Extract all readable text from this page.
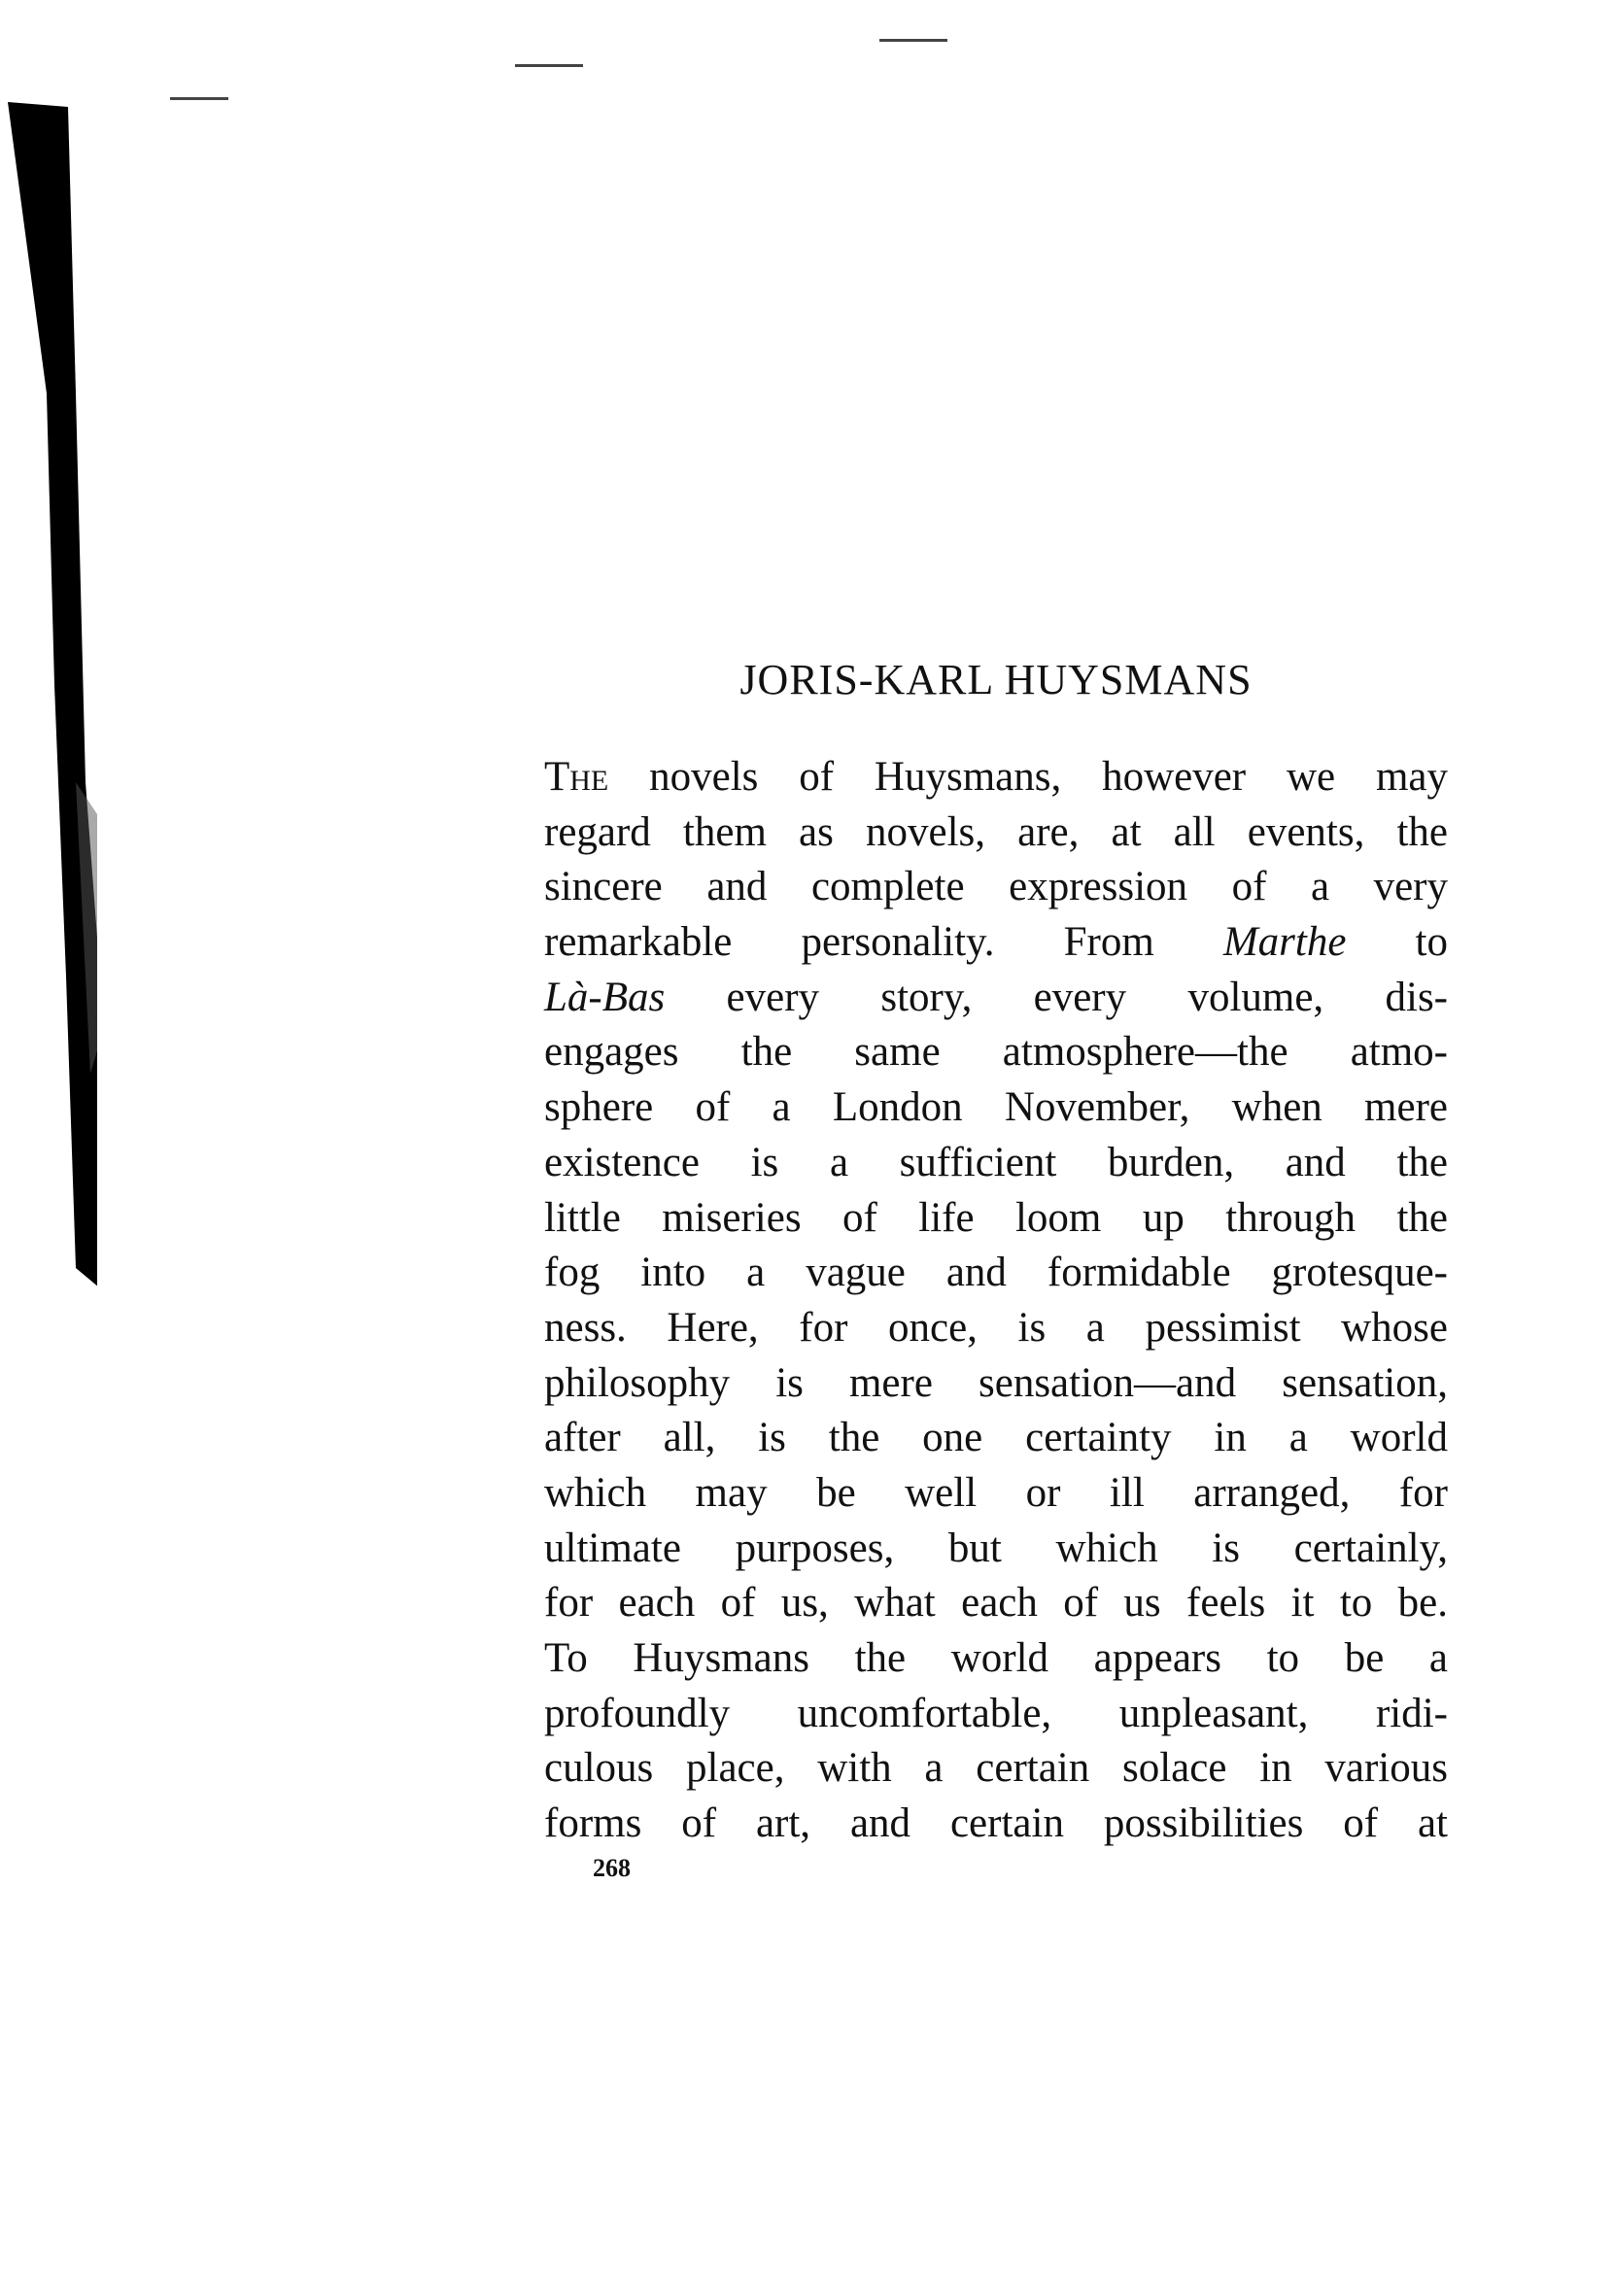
JORIS-KARL HUYSMANS
The novels of Huysmans, however we may
regard them as novels, are, at all events, the
sincere and complete expression of a very
remarkable personality. From Marthe to
Là-Bas every story, every volume, dis-
engages the same atmosphere—the atmo-
sphere of a London November, when mere
existence is a sufficient burden, and the
little miseries of life loom up through the
fog into a vague and formidable grotesque-
ness. Here, for once, is a pessimist whose
philosophy is mere sensation—and sensation,
after all, is the one certainty in a world
which may be well or ill arranged, for
ultimate purposes, but which is certainly,
for each of us, what each of us feels it to be.
To Huysmans the world appears to be a
profoundly uncomfortable, unpleasant, ridi-
culous place, with a certain solace in various
forms of art, and certain possibilities of at
268
